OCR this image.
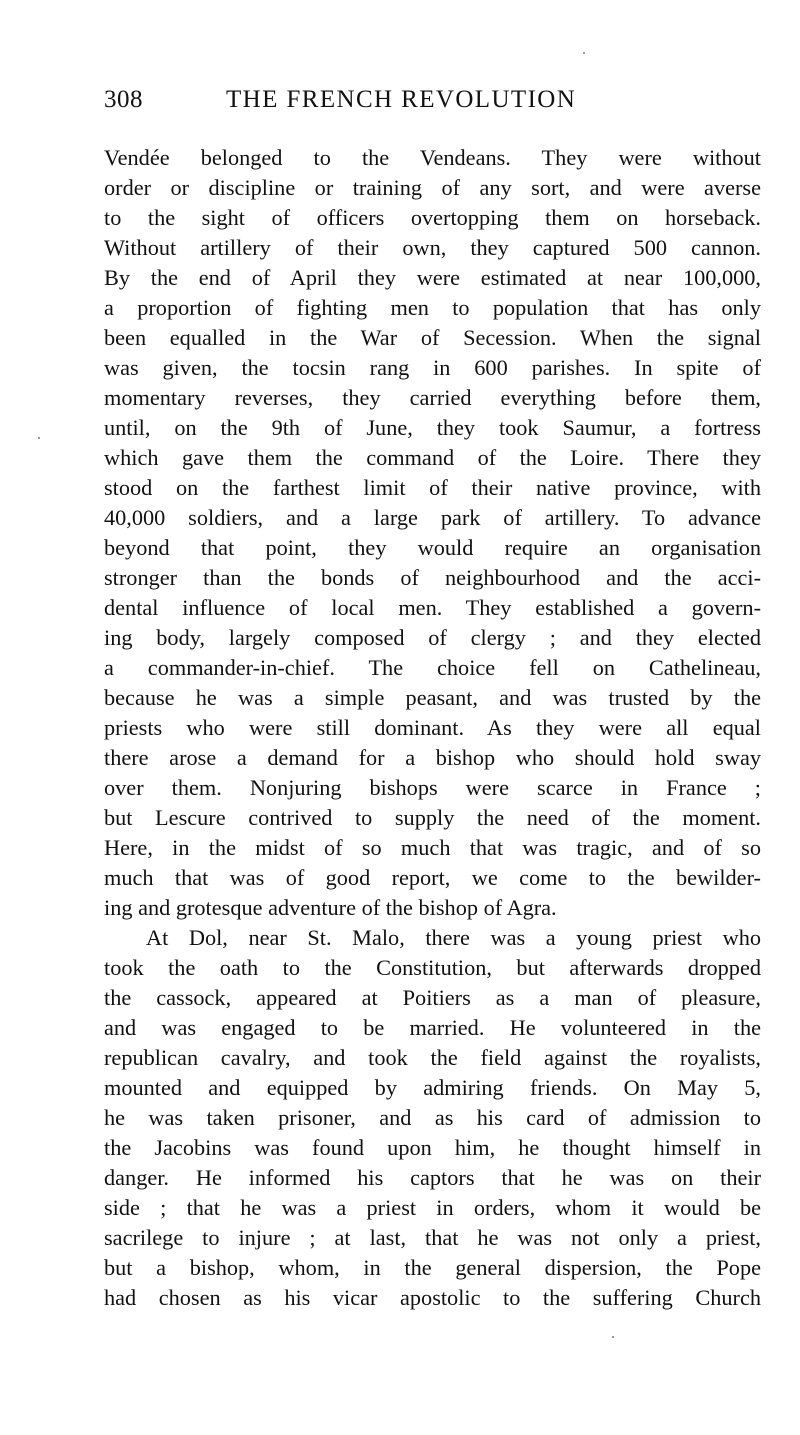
308	THE FRENCH REVOLUTION
Vendée belonged to the Vendeans. They were without
order or discipline or training of any sort, and were averse
to the sight of officers overtopping them on horseback.
Without artillery of their own, they captured 500 cannon.
By the end of April they were estimated at near 100,000,
a proportion of fighting men to population that has only
been equalled in the War of Secession. When the signal
was given, the tocsin rang in 600 parishes. In spite of
momentary reverses, they carried everything before them,
until, on the 9th of June, they took Saumur, a fortress
which gave them the command of the Loire. There they
stood on the farthest limit of their native province, with
40,000 soldiers, and a large park of artillery. To advance
beyond that point, they would require an organisation
stronger than the bonds of neighbourhood and the acci-
dental influence of local men. They established a govern-
ing body, largely composed of clergy ; and they elected
a commander-in-chief. The choice fell on Cathelineau,
because he was a simple peasant, and was trusted by the
priests who were still dominant. As they were all equal
there arose a demand for a bishop who should hold sway
over them. Nonjuring bishops were scarce in France ;
but Lescure contrived to supply the need of the moment.
Here, in the midst of so much that was tragic, and of so
much that was of good report, we come to the bewilder-
ing and grotesque adventure of the bishop of Agra.
At Dol, near St. Malo, there was a young priest who
took the oath to the Constitution, but afterwards dropped
the cassock, appeared at Poitiers as a man of pleasure,
and was engaged to be married. He volunteered in the
republican cavalry, and took the field against the royalists,
mounted and equipped by admiring friends. On May 5,
he was taken prisoner, and as his card of admission to
the Jacobins was found upon him, he thought himself in
danger. He informed his captors that he was on their
side ; that he was a priest in orders, whom it would be
sacrilege to injure ; at last, that he was not only a priest,
but a bishop, whom, in the general dispersion, the Pope
had chosen as his vicar apostolic to the suffering Church
